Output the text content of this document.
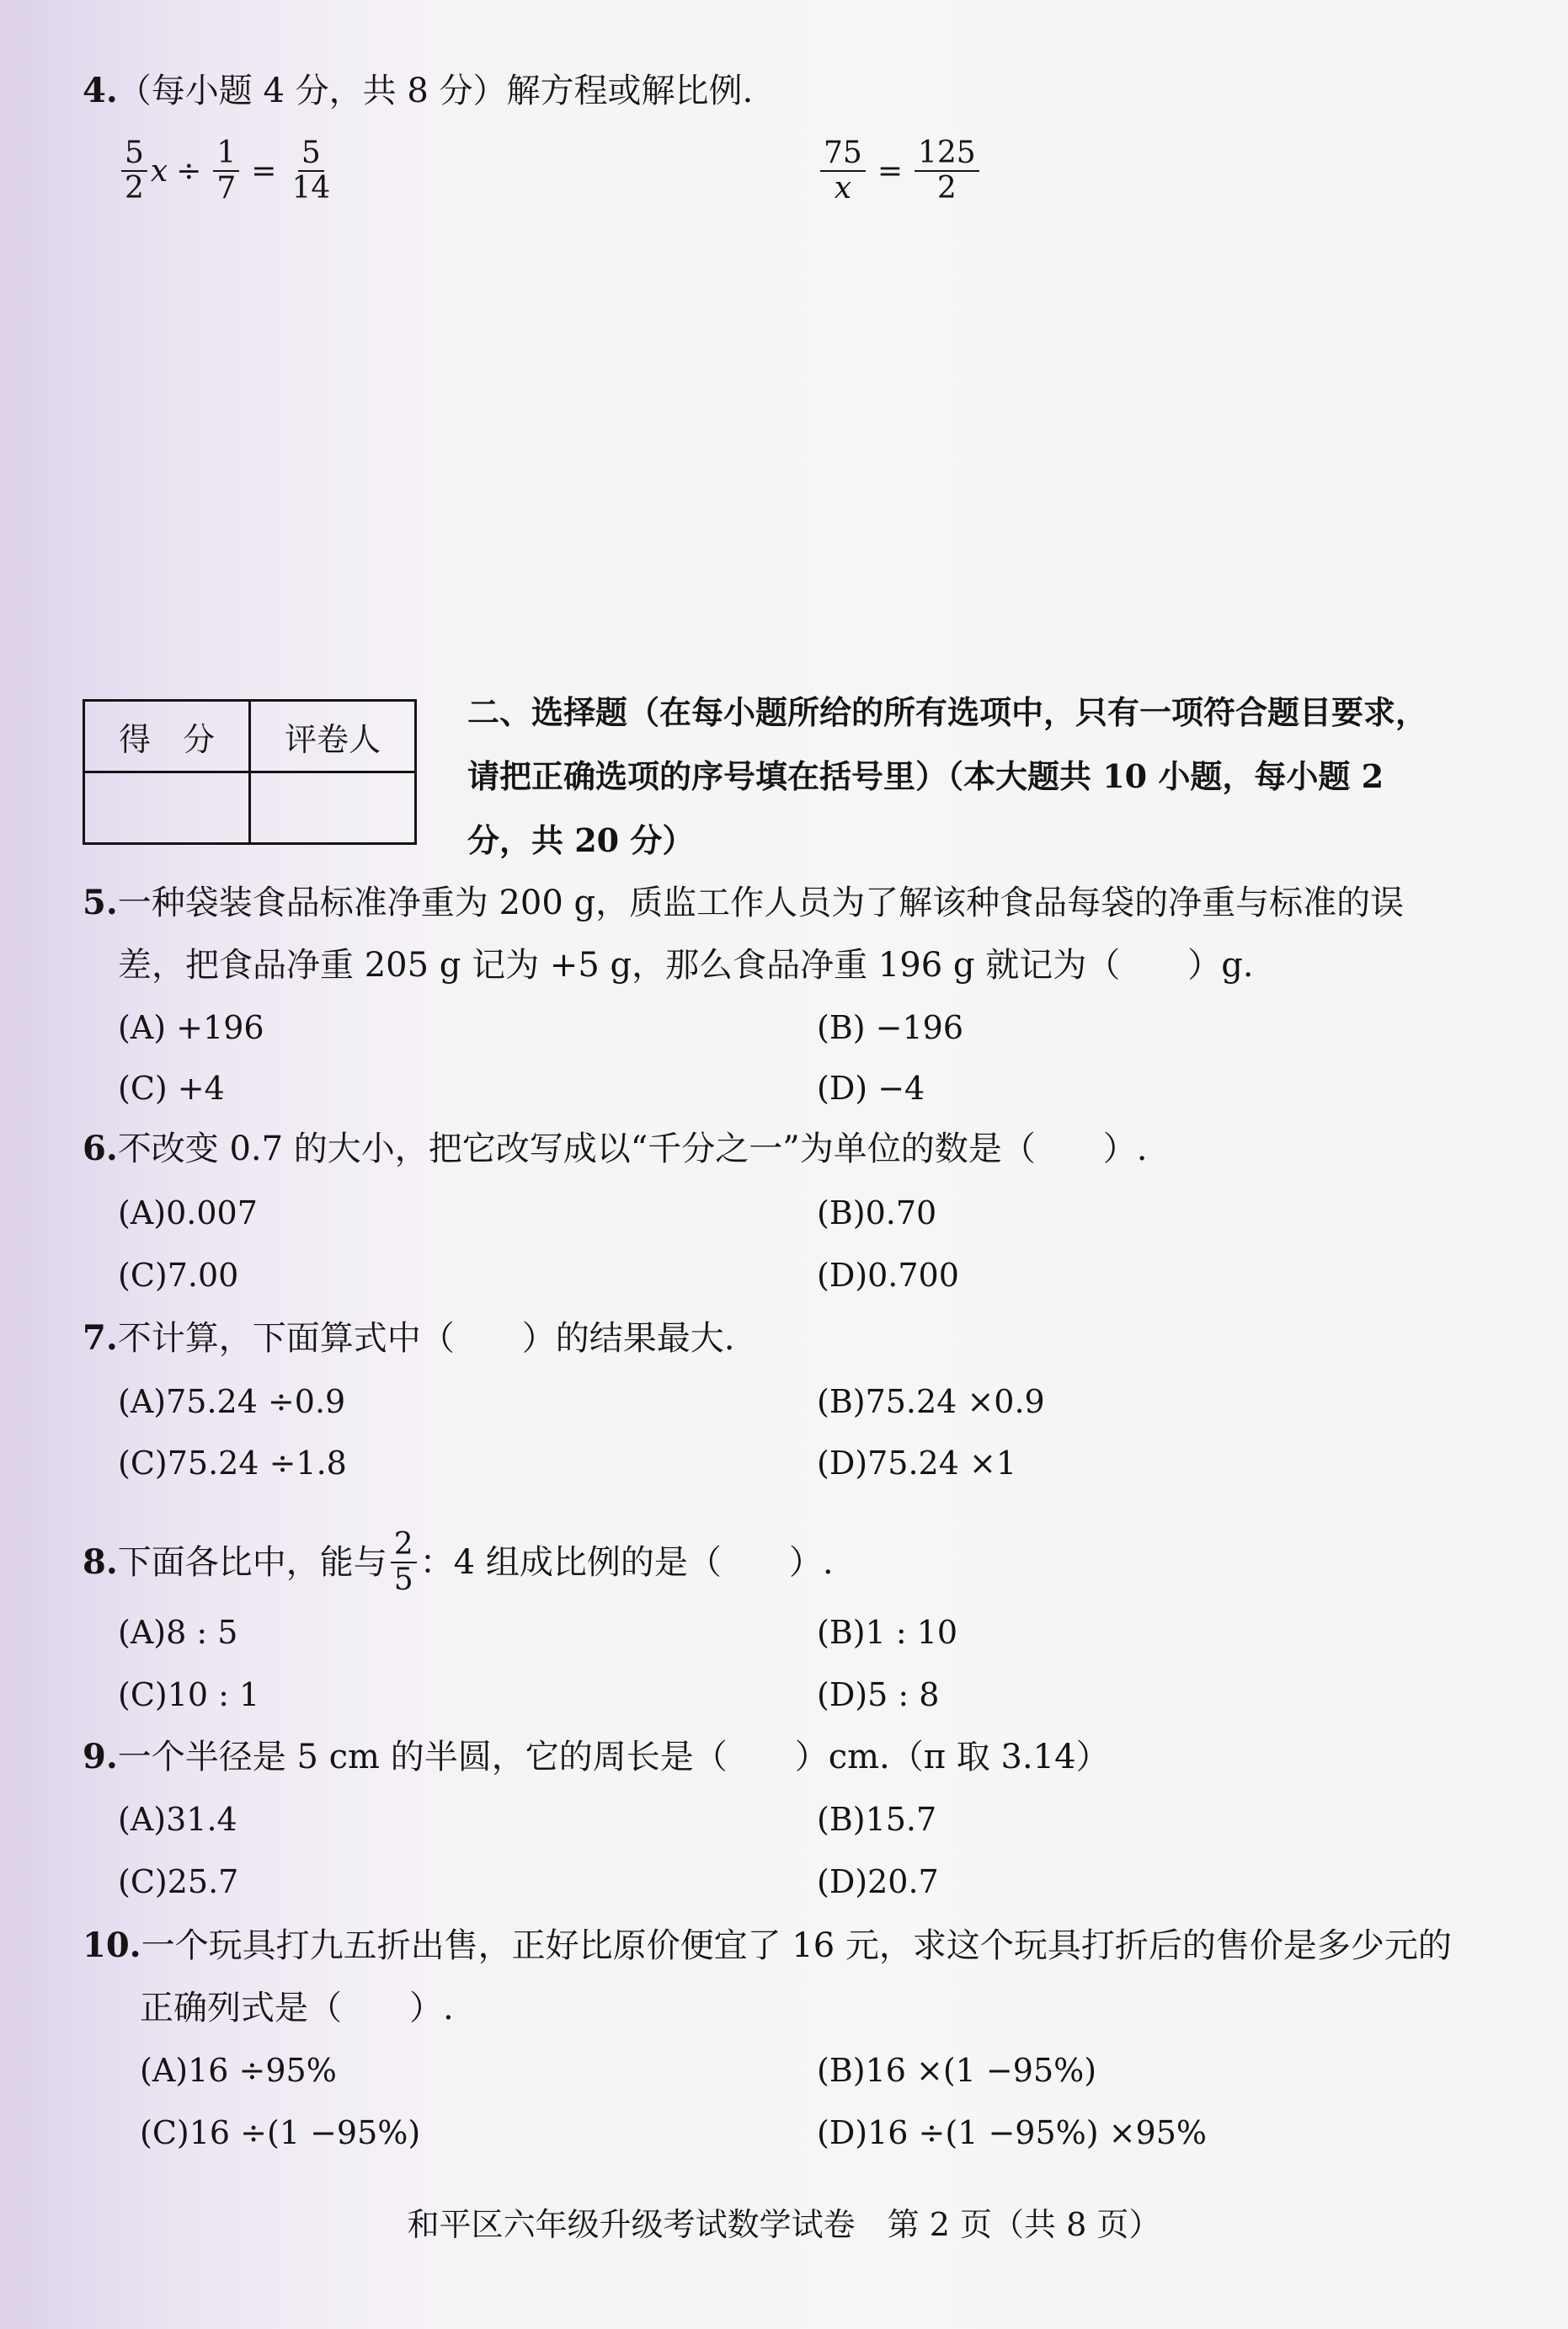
4.（每小题 4 分，共 8 分）解方程或解比例.
$\frac{5}{2}$ $x \div \frac{1}{7} = \frac{5}{14}$	$\frac{75}{x} = \frac{125}{2}$
得　分	评卷人

二、选择题（在每小题所给的所有选项中，只有一项符合题目要求，
请把正确选项的序号填在括号里）（本大题共 10 小题，每小题 2
分，共 20 分）
5.一种袋装食品标准净重为 200 g，质监工作人员为了解该种食品每袋的净重与标准的误
差，把食品净重 205 g 记为 +5 g，那么食品净重 196 g 就记为（　　）g.
(A) +196	(B) −196
(C) +4	(D) −4
6.不改变 0.7 的大小，把它改写成以“千分之一”为单位的数是（　　）.
(A)0.007	(B)0.70
(C)7.00	(D)0.700
7.不计算，下面算式中（　　）的结果最大.
(A)75.24 ÷0.9	(B)75.24 ×0.9
(C)75.24 ÷1.8	(D)75.24 ×1
8. 下面各比中，能与 $\frac{2}{5}$ ：4 组成比例的是（　　）.
(A)8 : 5	(B)1 : 10
(C)10 : 1	(D)5 : 8
9.一个半径是 5 cm 的半圆，它的周长是（　　）cm.（π 取 3.14）
(A)31.4	(B)15.7
(C)25.7	(D)20.7
10.一个玩具打九五折出售，正好比原价便宜了 16 元，求这个玩具打折后的售价是多少元的
正确列式是（　　）.
(A)16 ÷95%	(B)16 ×(1 −95%)
(C)16 ÷(1 −95%)	(D)16 ÷(1 −95%) ×95%
和平区六年级升级考试数学试卷　第 2 页（共 8 页）
